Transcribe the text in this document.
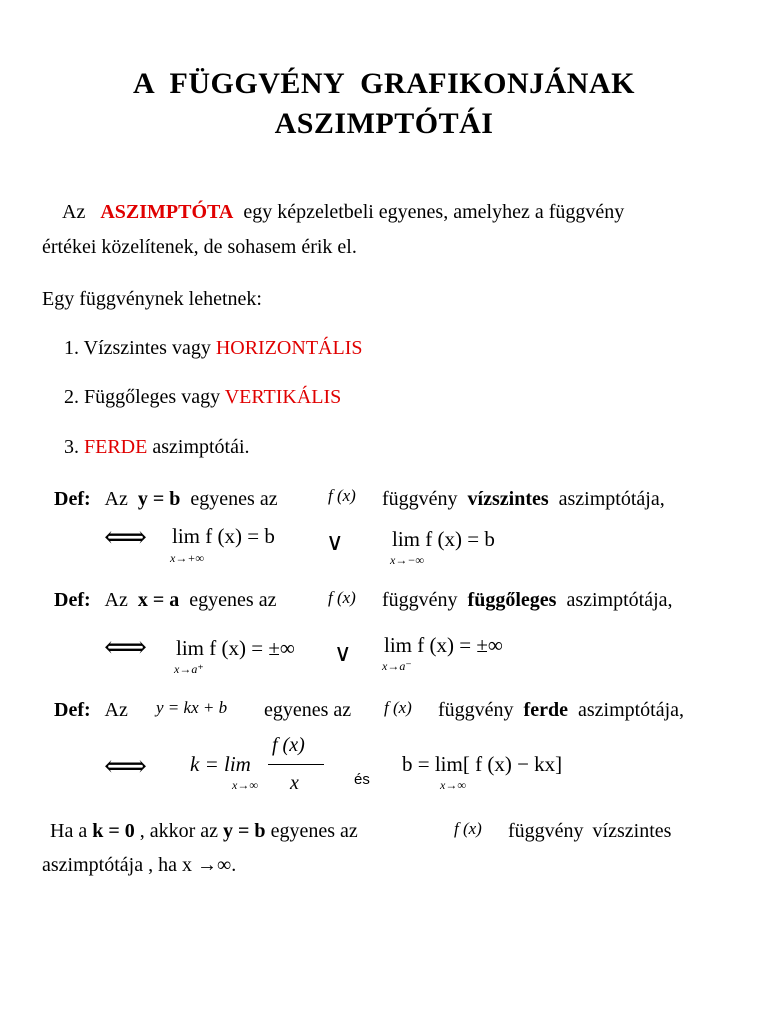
A FÜGGVÉNY GRAFIKONJÁNAK
ASZIMPTÓTÁI
Az ASZIMPTÓTA egy képzeletbeli egyenes, amelyhez a függvény
értékei közelítenek, de sohasem érik el.
Egy függvénynek lehetnek:
1. Vízszintes vagy HORIZONTÁLIS
2. Függőleges vagy VERTIKÁLIS
3. FERDE aszimptótái.
Def: Az y = b egyenes az	f (x) függvény vízszintes aszimptótája,
⟺ lim f (x) = b
x→+∞
∨ lim f (x) = b
x→−∞
Def: Az x = a egyenes az	f (x) függvény függőleges aszimptótája,
⟺ lim f (x) = ±∞
x→a⁺
∨ lim f (x) = ±∞
x→a⁻
Def: Az y = kx + b egyenes az f (x) függvény ferde aszimptótája,
⟺ k = lim
x→∞
f (x)
x	és
b = lim[ f (x) − kx]
x→∞
Ha a k = 0 , akkor az y = b egyenes az	f (x) függvény vízszintes
aszimptótája , ha x →∞.
